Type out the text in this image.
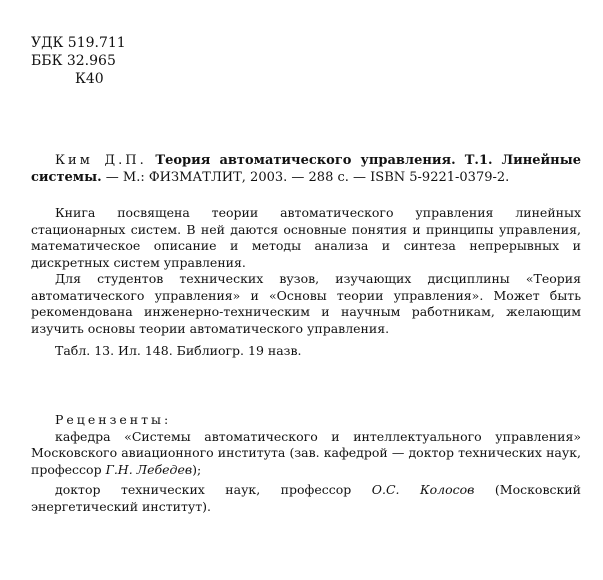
УДК 519.711
ББК 32.965
К40
Ким Д.П. Теория автоматического управления. Т.1. Линейные системы. — М.: ФИЗМАТЛИТ, 2003. — 288 с. — ISBN 5-9221-0379-2.

Книга посвящена теории автоматического управления линейных стационарных систем. В ней даются основные понятия и принципы управления, математическое описание и методы анализа и синтеза непрерывных и дискретных систем управления.

Для студентов технических вузов, изучающих дисциплины «Теория автоматического управления» и «Основы теории управления». Может быть рекомендована инженерно-техническим и научным работникам, желающим изучить основы теории автоматического управления.

Табл. 13. Ил. 148. Библиогр. 19 назв.

Рецензенты:

кафедра «Системы автоматического и интеллектуального управления» Московского авиационного института (зав. кафедрой — доктор технических наук, профессор Г.Н. Лебедев);

доктор технических наук, профессор О.С. Колосов (Московский энергетический институт).
